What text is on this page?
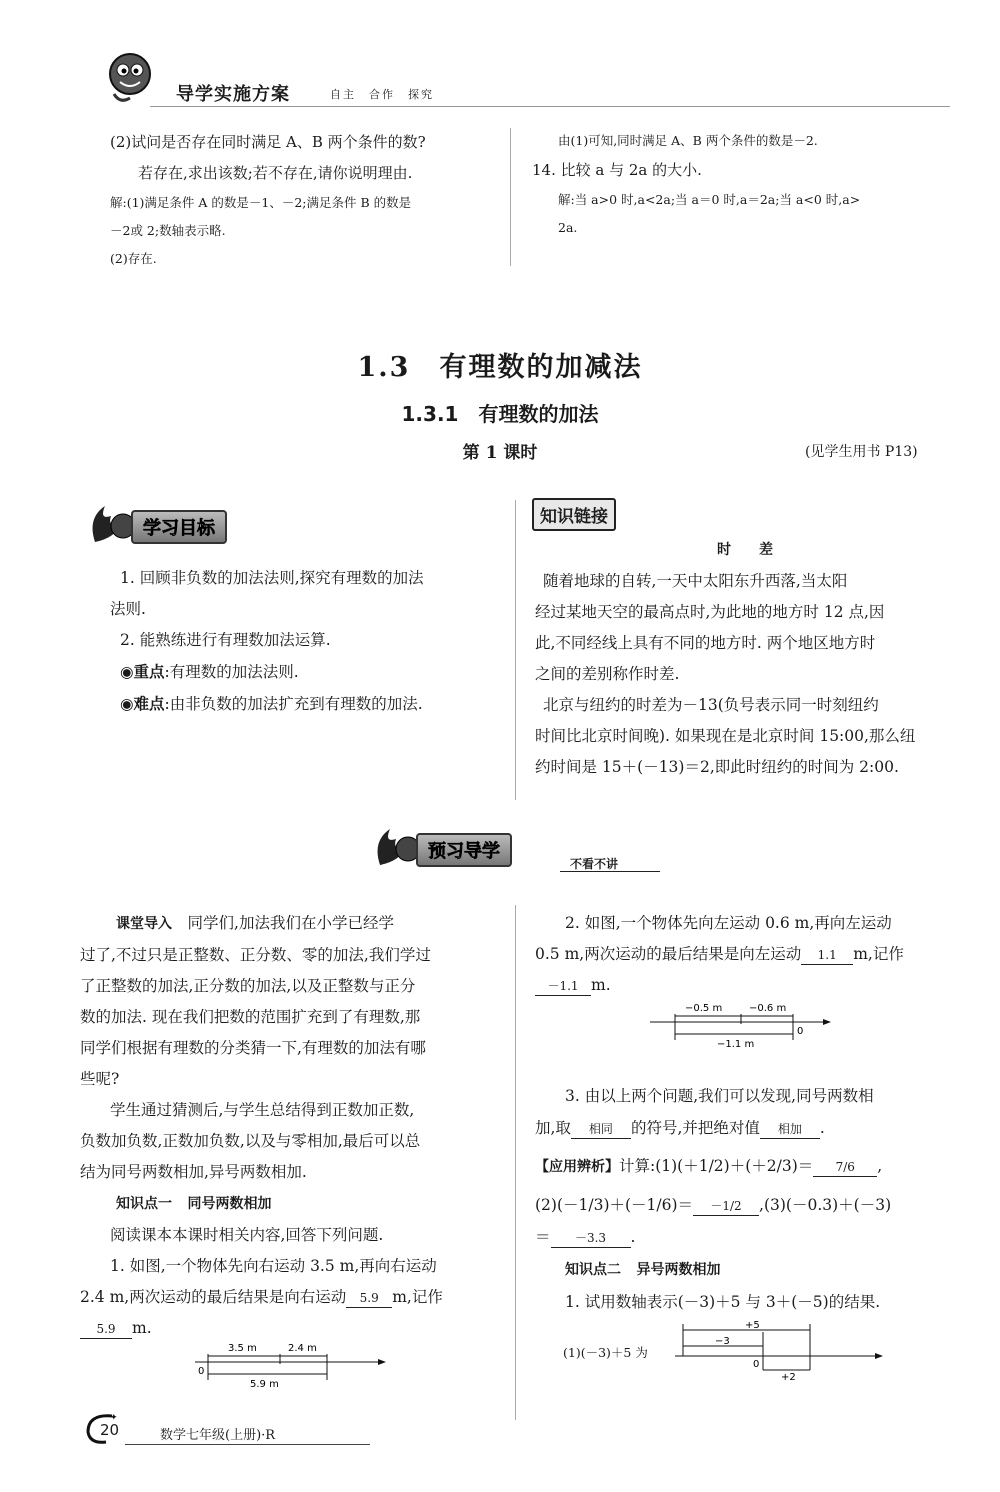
导学实施方案	自主　合作　探究
(2)试问是否存在同时满足 A、B 两个条件的数?
若存在,求出该数;若不存在,请你说明理由.
解:(1)满足条件 A 的数是－1、－2;满足条件 B 的数是
－2或 2;数轴表示略.
(2)存在.
由(1)可知,同时满足 A、B 两个条件的数是－2.
14. 比较 a 与 2a 的大小.
解:当 a>0 时,a<2a;当 a＝0 时,a＝2a;当 a<0 时,a>
2a.
1.3　有理数的加减法
1.3.1　有理数的加法
第 1 课时	(见学生用书 P13)
学习目标
1. 回顾非负数的加法法则,探究有理数的加法
法则.
2. 能熟练进行有理数加法运算.
◉重点:有理数的加法法则.
◉难点:由非负数的加法扩充到有理数的加法.
知识链接
时　　差
随着地球的自转,一天中太阳东升西落,当太阳
经过某地天空的最高点时,为此地的地方时 12 点,因
此,不同经线上具有不同的地方时. 两个地区地方时
之间的差别称作时差.
北京与纽约的时差为－13(负号表示同一时刻纽约
时间比北京时间晚). 如果现在是北京时间 15:00,那么纽
约时间是 15＋(－13)＝2,即此时纽约的时间为 2:00.
预习导学
不看不讲
课堂导入　 同学们,加法我们在小学已经学
过了,不过只是正整数、正分数、零的加法,我们学过
了正整数的加法,正分数的加法,以及正整数与正分
数的加法. 现在我们把数的范围扩充到了有理数,那
同学们根据有理数的分类猜一下,有理数的加法有哪
些呢?
学生通过猜测后,与学生总结得到正数加正数,
负数加负数,正数加负数,以及与零相加,最后可以总
结为同号两数相加,异号两数相加.
知识点一　 同号两数相加
阅读课本本课时相关内容,回答下列问题.
1. 如图,一个物体先向右运动 3.5 m,再向右运动
2.4 m,两次运动的最后结果是向右运动 5.9 m,记作
5.9 m.
3.5 m	2.4 m
0
5.9 m
2. 如图,一个物体先向左运动 0.6 m,再向左运动
0.5 m,两次运动的最后结果是向左运动 1.1 m,记作
－1.1 m.
−0.5 m	−0.6 m
0
−1.1 m
3. 由以上两个问题,我们可以发现,同号两数相
加,取 相同 的符号,并把绝对值 相加 .
【应用辨析】计算:(1)(＋1/2)＋(＋2/3)＝ 7/6 ,
(2)(－1/3)＋(－1/6)＝ －1/2 ,(3)(－0.3)＋(－3)
＝ －3.3 .
知识点二　 异号两数相加
1. 试用数轴表示(－3)＋5 与 3＋(－5)的结果.
(1)(－3)＋5 为
+5
−3
0
+2
✦
20	数学七年级(上册)·R
